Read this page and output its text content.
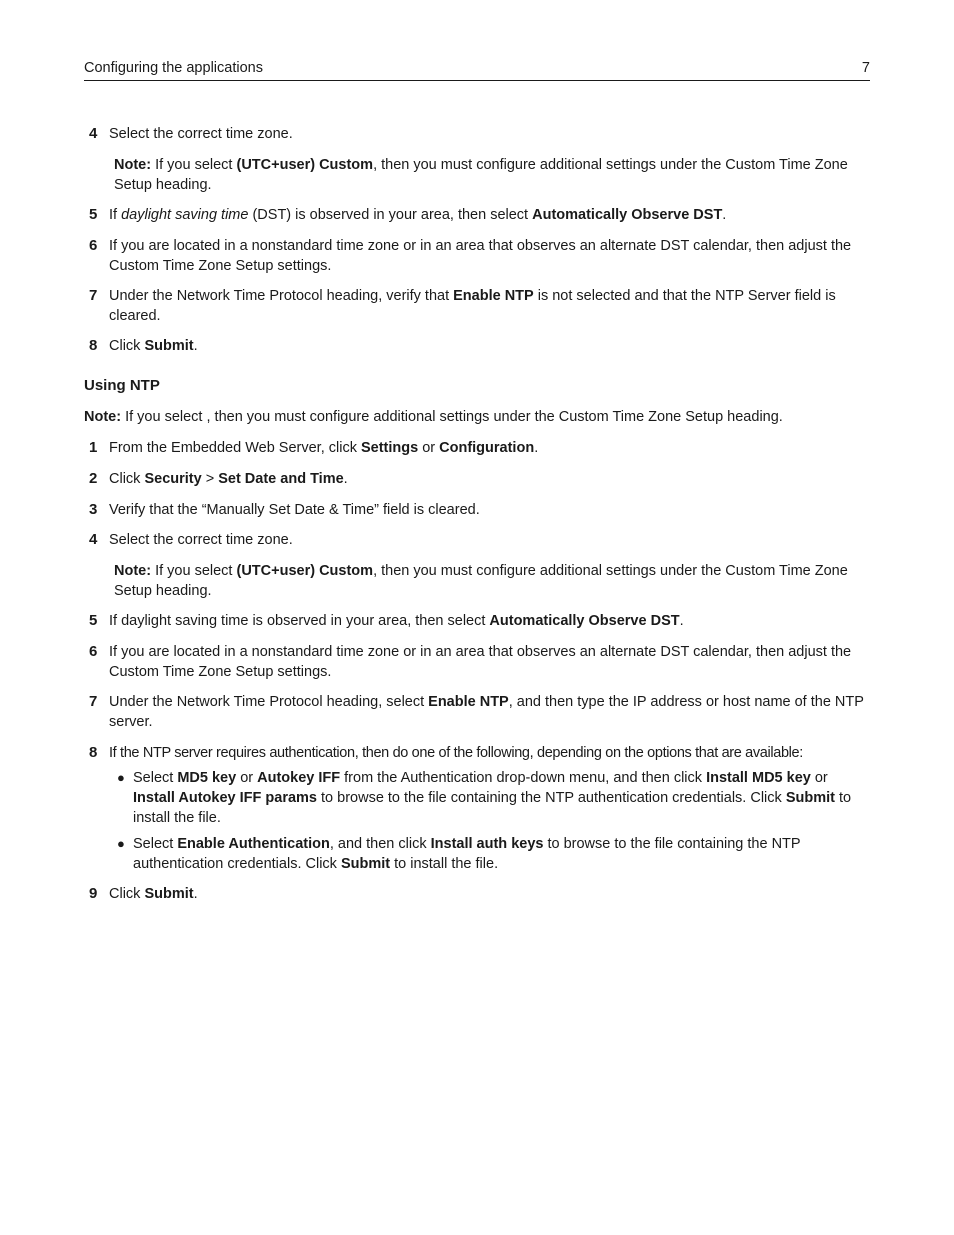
Configuring the applications	7
4 Select the correct time zone.
Note: If you select (UTC+user) Custom, then you must configure additional settings under the Custom Time Zone Setup heading.
5 If daylight saving time (DST) is observed in your area, then select Automatically Observe DST.
6 If you are located in a nonstandard time zone or in an area that observes an alternate DST calendar, then adjust the Custom Time Zone Setup settings.
7 Under the Network Time Protocol heading, verify that Enable NTP is not selected and that the NTP Server field is cleared.
8 Click Submit.
Using NTP
Note: If you select , then you must configure additional settings under the Custom Time Zone Setup heading.
1 From the Embedded Web Server, click Settings or Configuration.
2 Click Security > Set Date and Time.
3 Verify that the “Manually Set Date & Time” field is cleared.
4 Select the correct time zone.
Note: If you select (UTC+user) Custom, then you must configure additional settings under the Custom Time Zone Setup heading.
5 If daylight saving time is observed in your area, then select Automatically Observe DST.
6 If you are located in a nonstandard time zone or in an area that observes an alternate DST calendar, then adjust the Custom Time Zone Setup settings.
7 Under the Network Time Protocol heading, select Enable NTP, and then type the IP address or host name of the NTP server.
8 If the NTP server requires authentication, then do one of the following, depending on the options that are available:
● Select MD5 key or Autokey IFF from the Authentication drop-down menu, and then click Install MD5 key or Install Autokey IFF params to browse to the file containing the NTP authentication credentials. Click Submit to install the file.
● Select Enable Authentication, and then click Install auth keys to browse to the file containing the NTP authentication credentials. Click Submit to install the file.
9 Click Submit.
